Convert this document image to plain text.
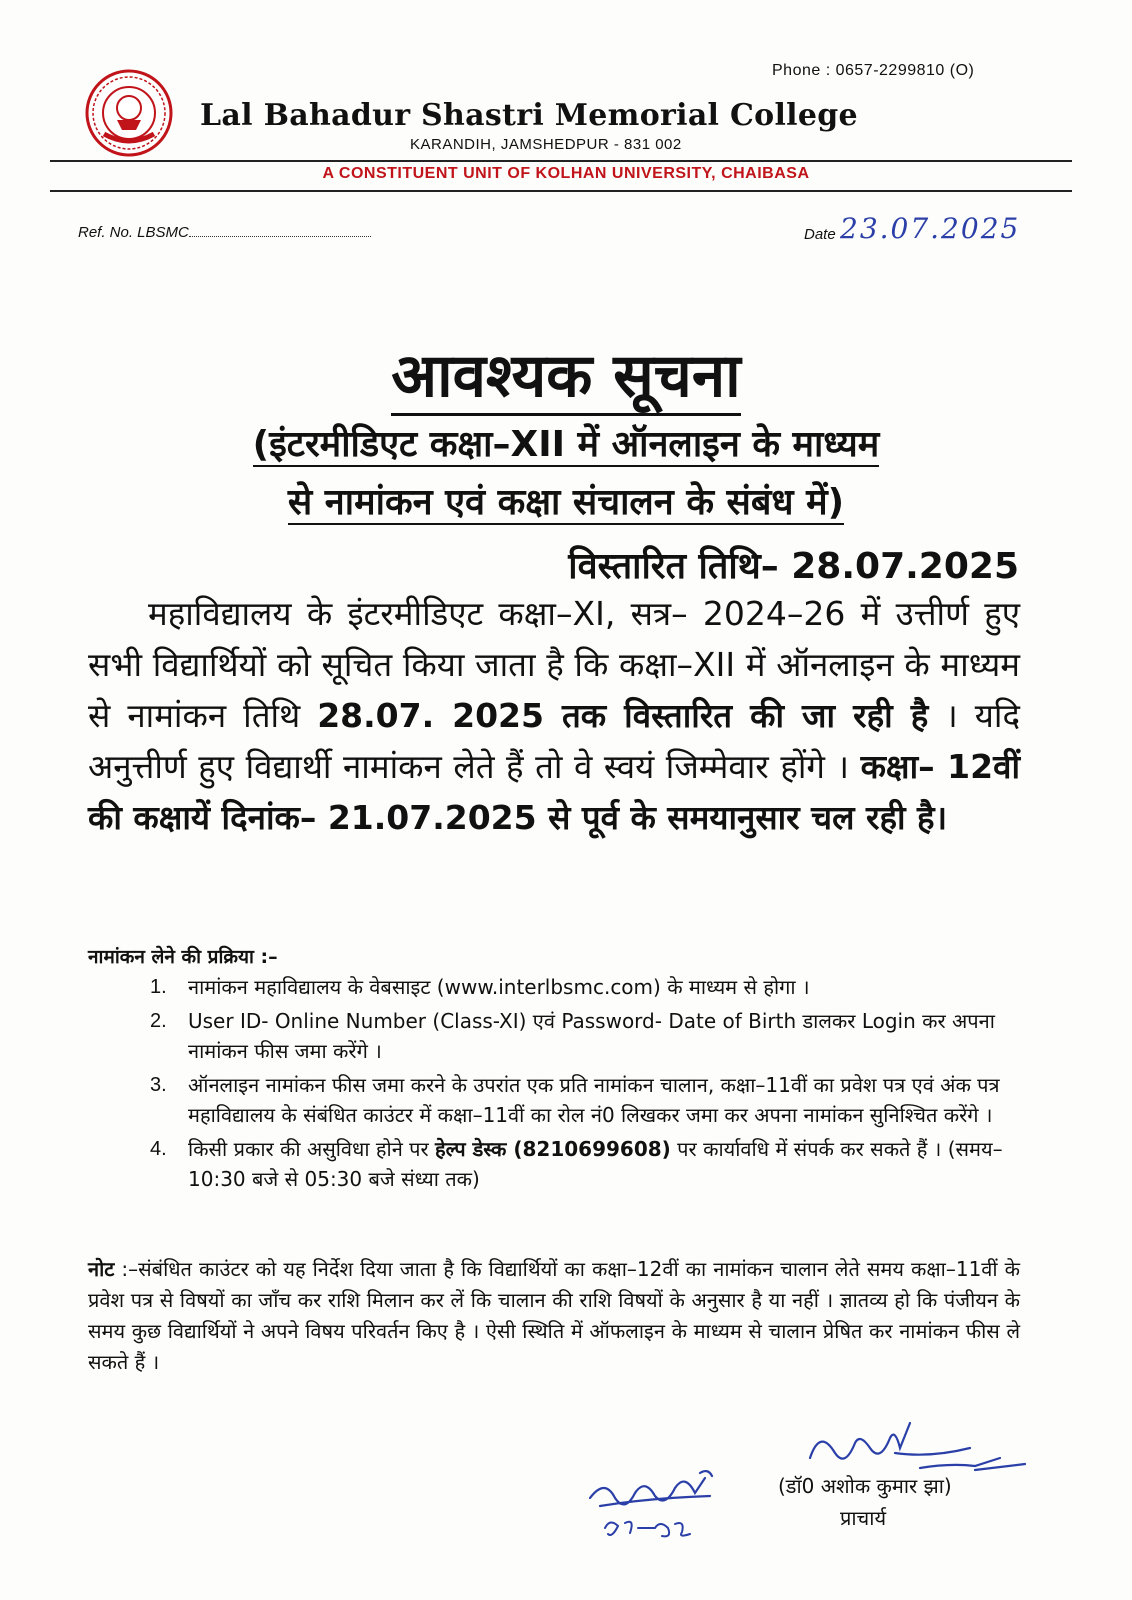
Phone : 0657-2299810 (O)
Lal Bahadur Shastri Memorial College
KARANDIH, JAMSHEDPUR - 831 002
A CONSTITUENT UNIT OF KOLHAN UNIVERSITY, CHAIBASA
Ref. No. LBSMC	Date 23.07.2025
आवश्यक सूचना
(इंटरमीडिएट कक्षा–XII में ऑनलाइन के माध्यम
से नामांकन एवं कक्षा संचालन के संबंध में)
विस्तारित तिथि– 28.07.2025

महाविद्यालय के इंटरमीडिएट कक्षा–XI, सत्र– 2024–26 में उत्तीर्ण हुए सभी विद्यार्थियों को सूचित किया जाता है कि कक्षा–XII में ऑनलाइन के माध्यम से नामांकन तिथि 28.07. 2025 तक विस्तारित की जा रही है । यदि अनुत्तीर्ण हुए विद्यार्थी नामांकन लेते हैं तो वे स्वयं जिम्मेवार होंगे । कक्षा– 12वीं की कक्षायें दिनांक– 21.07.2025 से पूर्व के समयानुसार चल रही है।

नामांकन लेने की प्रक्रिया :–
1. नामांकन महाविद्यालय के वेबसाइट (www.interlbsmc.com) के माध्यम से होगा ।
2. User ID- Online Number (Class-XI) एवं Password- Date of Birth डालकर Login कर अपना नामांकन फीस जमा करेंगे ।
3. ऑनलाइन नामांकन फीस जमा करने के उपरांत एक प्रति नामांकन चालान, कक्षा–11वीं का प्रवेश पत्र एवं अंक पत्र महाविद्यालय के संबंधित काउंटर में कक्षा–11वीं का रोल नं0 लिखकर जमा कर अपना नामांकन सुनिश्चित करेंगे ।
4. किसी प्रकार की असुविधा होने पर हेल्प डेस्क (8210699608) पर कार्यावधि में संपर्क कर सकते हैं । (समय– 10:30 बजे से 05:30 बजे संध्या तक)
नोट :–संबंधित काउंटर को यह निर्देश दिया जाता है कि विद्यार्थियों का कक्षा–12वीं का नामांकन चालान लेते समय कक्षा–11वीं के प्रवेश पत्र से विषयों का जाँच कर राशि मिलान कर लें कि चालान की राशि विषयों के अनुसार है या नहीं । ज्ञातव्य हो कि पंजीयन के समय कुछ विद्यार्थियों ने अपने विषय परिवर्तन किए है । ऐसी स्थिति में ऑफलाइन के माध्यम से चालान प्रेषित कर नामांकन फीस ले सकते हैं ।
(डॉ0 अशोक कुमार झा)
प्राचार्य
